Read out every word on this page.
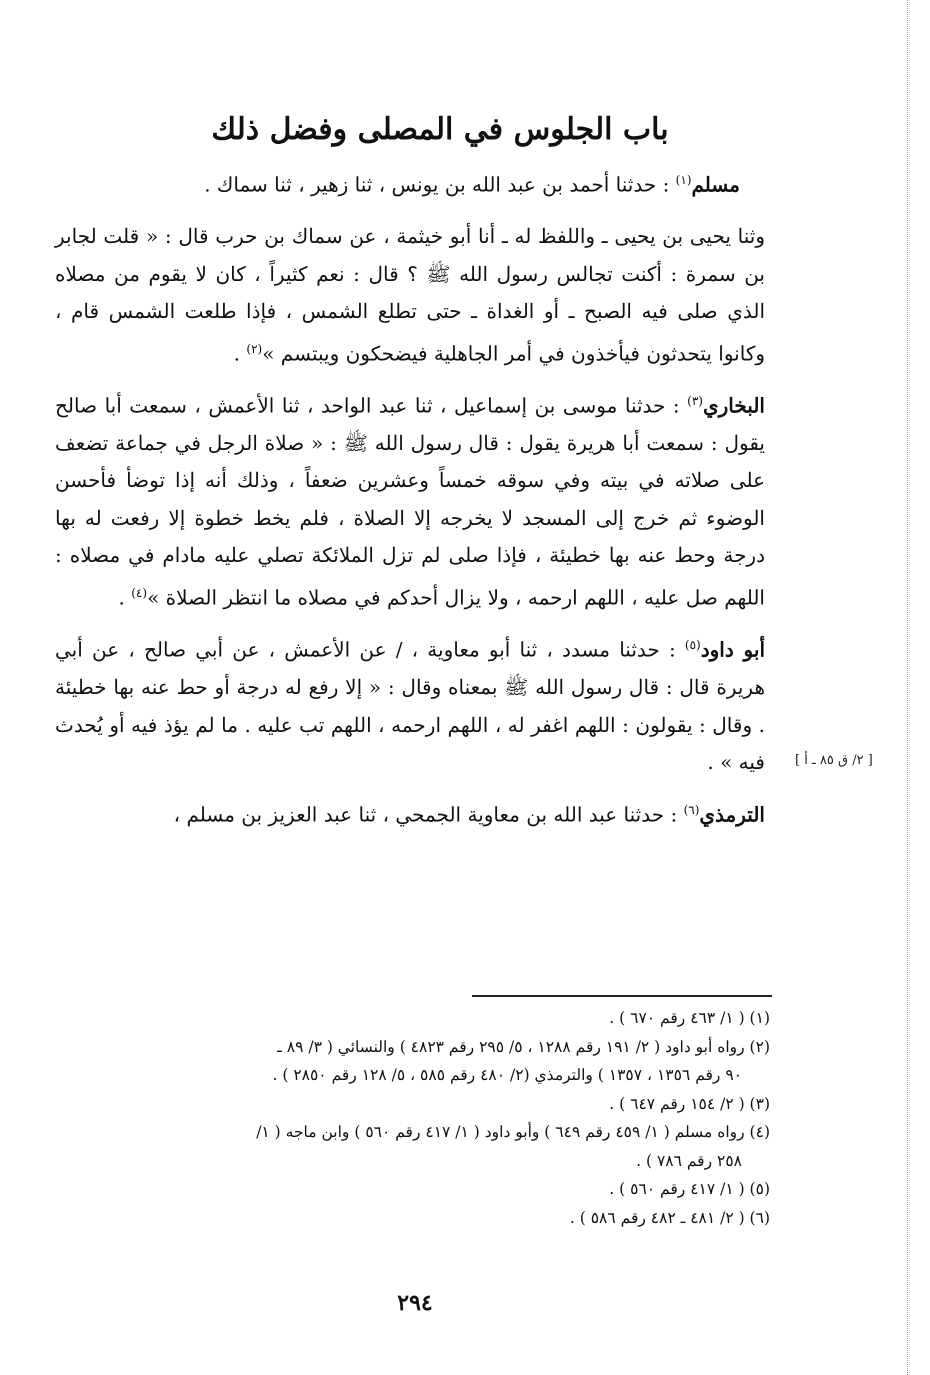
باب الجلوس في المصلى وفضل ذلك

مسلم$^{(١)}$ : حدثنا أحمد بن عبد الله بن يونس ، ثنا زهير ، ثنا سماك .

وثنا يحيى بن يحيى ـ واللفظ له ـ أنا أبو خيثمة ، عن سماك بن حرب قال : « قلت لجابر بن سمرة : أكنت تجالس رسول الله ﷺ ؟ قال : نعم كثيراً ، كان لا يقوم من مصلاه الذي صلى فيه الصبح ـ أو الغداة ـ حتى تطلع الشمس ، فإذا طلعت الشمس قام ، وكانوا يتحدثون فيأخذون في أمر الجاهلية فيضحكون ويبتسم »$^{(٢)}$ .

البخاري$^{(٣)}$ : حدثنا موسى بن إسماعيل ، ثنا عبد الواحد ، ثنا الأعمش ، سمعت أبا صالح يقول : سمعت أبا هريرة يقول : قال رسول الله ﷺ : « صلاة الرجل في جماعة تضعف على صلاته في بيته وفي سوقه خمساً وعشرين ضعفاً ، وذلك أنه إذا توضأ فأحسن الوضوء ثم خرج إلى المسجد لا يخرجه إلا الصلاة ، فلم يخط خطوة إلا رفعت له بها درجة وحط عنه بها خطيئة ، فإذا صلى لم تزل الملائكة تصلي عليه مادام في مصلاه : اللهم صل عليه ، اللهم ارحمه ، ولا يزال أحدكم في مصلاه ما انتظر الصلاة »$^{(٤)}$ .

أبو داود$^{(٥)}$ : حدثنا مسدد ، ثنا أبو معاوية ، / عن الأعمش ، عن أبي صالح ، عن أبي هريرة قال : قال رسول الله ﷺ بمعناه وقال : « إلا رفع له درجة أو حط عنه بها خطيئة . وقال : يقولون : اللهم اغفر له ، اللهم ارحمه ، اللهم تب عليه . ما لم يؤذ فيه أو يُحدث فيه » .

الترمذي$^{(٦)}$ : حدثنا عبد الله بن معاوية الجمحي ، ثنا عبد العزيز بن مسلم ،

[ ٢/ ق ٨٥ ـ أ ]

(١) ( ١/ ٤٦٣ رقم ٦٧٠ ) .

(٢) رواه أبو داود ( ٢/ ١٩١ رقم ١٢٨٨ ، ٥/ ٢٩٥ رقم ٤٨٢٣ ) والنسائي ( ٣/ ٨٩ ـ
٩٠ رقم ١٣٥٦ ، ١٣٥٧ ) والترمذي (٢/ ٤٨٠ رقم ٥٨٥ ، ٥/ ١٢٨ رقم ٢٨٥٠ ) .

(٣) ( ٢/ ١٥٤ رقم ٦٤٧ ) .

(٤) رواه مسلم ( ١/ ٤٥٩ رقم ٦٤٩ ) وأبو داود ( ١/ ٤١٧ رقم ٥٦٠ ) وابن ماجه ( ١/
٢٥٨ رقم ٧٨٦ ) .

(٥) ( ١/ ٤١٧ رقم ٥٦٠ ) .

(٦) ( ٢/ ٤٨١ ـ ٤٨٢ رقم ٥٨٦ ) .

٢٩٤
